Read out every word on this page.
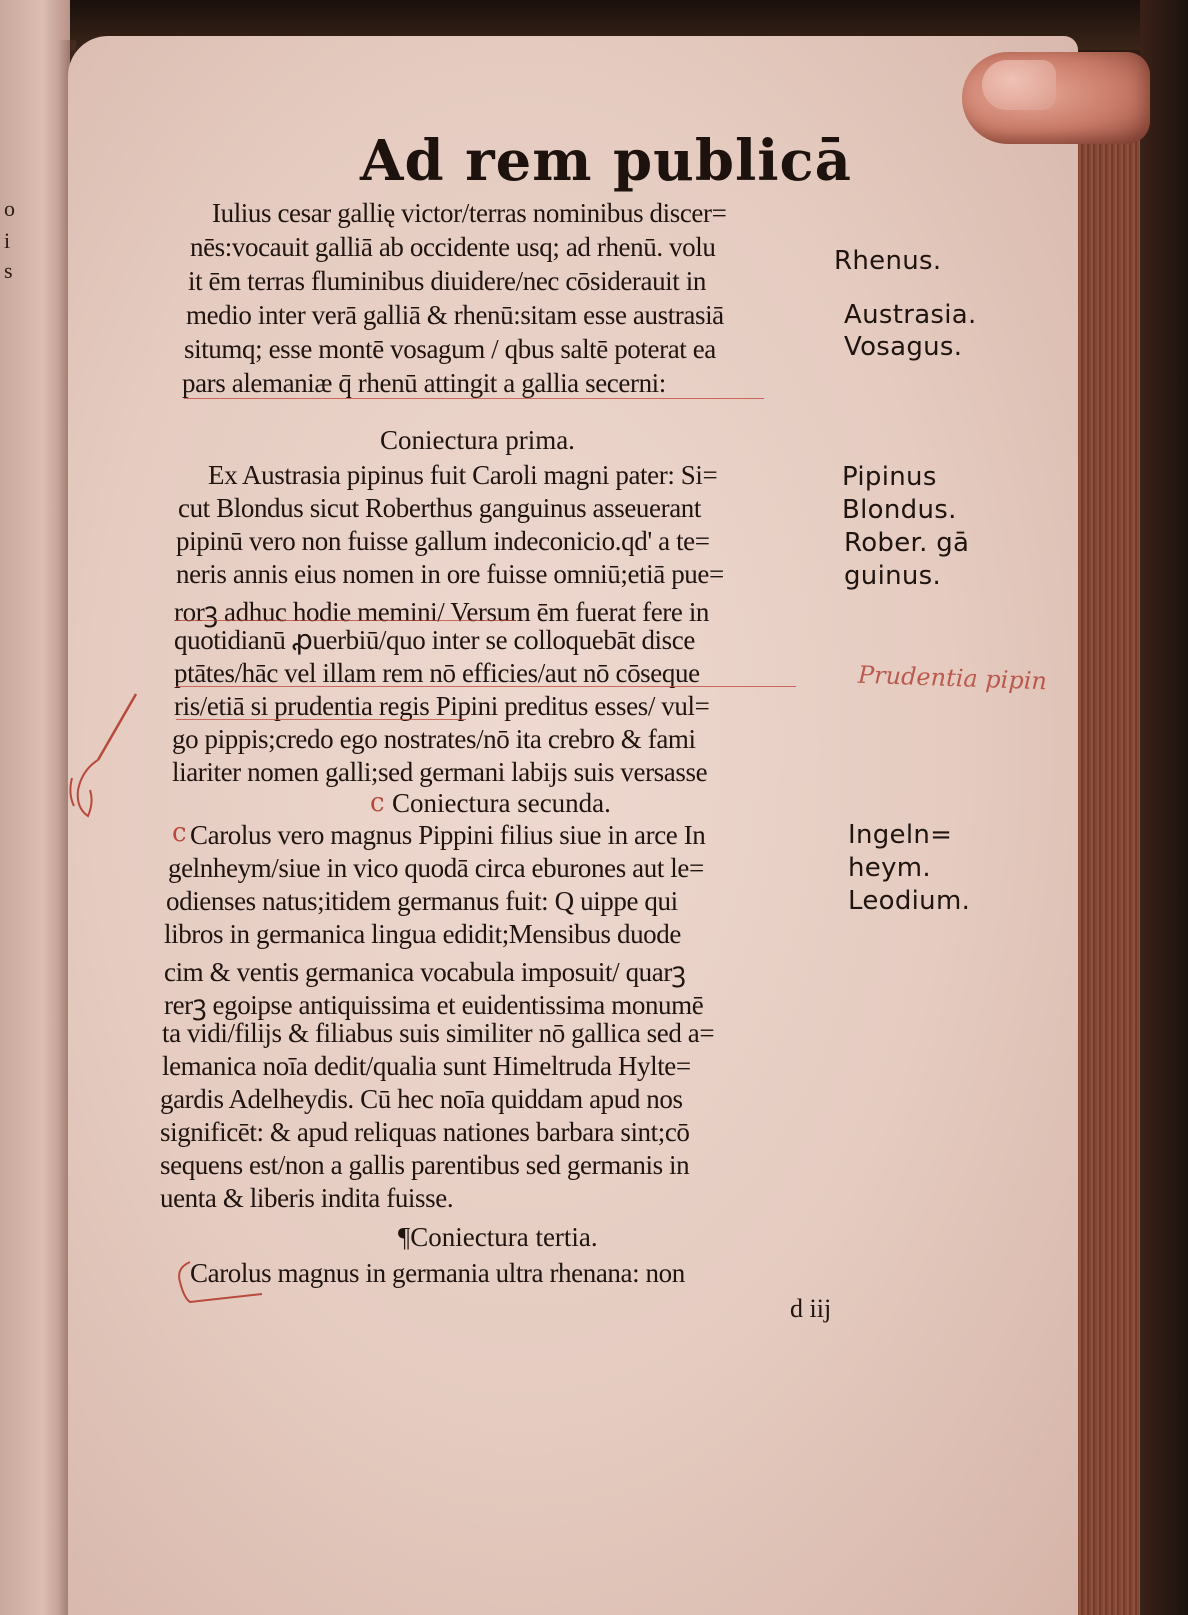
o
i
s
Ad rem publicā
Iulius cesar gallię victor/terras nominibus discer=
nēs:vocauit galliā ab occidente usq; ad rhenū. volu
it ēm terras fluminibus diuidere/nec cōsiderauit in
medio inter verā galliā & rhenū:sitam esse austrasiā
situmq; esse montē vosagum / qbus saltē poterat ea
pars alemaniæ q̄ rhenū attingit a gallia secerni:
Coniectura prima.
Ex Austrasia pipinus fuit Caroli magni pater: Si=
cut Blondus sicut Roberthus ganguinus asseuerant
pipinū vero non fuisse gallum indeconicio.qd' a te=
neris annis eius nomen in ore fuisse omniū;etiā pue=
rorꝫ adhuc hodie memini/ Versum ēm fuerat fere in
quotidianū ꝓuerbiū/quo inter se colloquebāt disce
ptātes/hāc vel illam rem nō efficies/aut nō cōseque
ris/etiā si prudentia regis Pipini preditus esses/ vul=
go pippis;credo ego nostrates/nō ita crebro & fami
liariter nomen galli;sed germani labijs suis versasse
c Coniectura secunda.
c Carolus vero magnus Pippini filius siue in arce In
gelnheym/siue in vico quodā circa eburones aut le=
odienses natus;itidem germanus fuit: Q uippe qui
libros in germanica lingua edidit;Mensibus duode
cim & ventis germanica vocabula imposuit/ quarꝫ
rerꝫ egoipse antiquissima et euidentissima monumē
ta vidi/filijs & filiabus suis similiter nō gallica sed a=
lemanica noīa dedit/qualia sunt Himeltruda Hylte=
gardis Adelheydis. Cū hec noīa quiddam apud nos
significēt: & apud reliquas nationes barbara sint;cō
sequens est/non a gallis parentibus sed germanis in
uenta & liberis indita fuisse.
¶Coniectura tertia.
Carolus magnus in germania ultra rhenana: non
d iij
Rhenus.
Austrasia.
Vosagus.
Pipinus
Blondus.
Rober. gā
guinus.
Ingeln=
heym.
Leodium.
Prudentia pipin
